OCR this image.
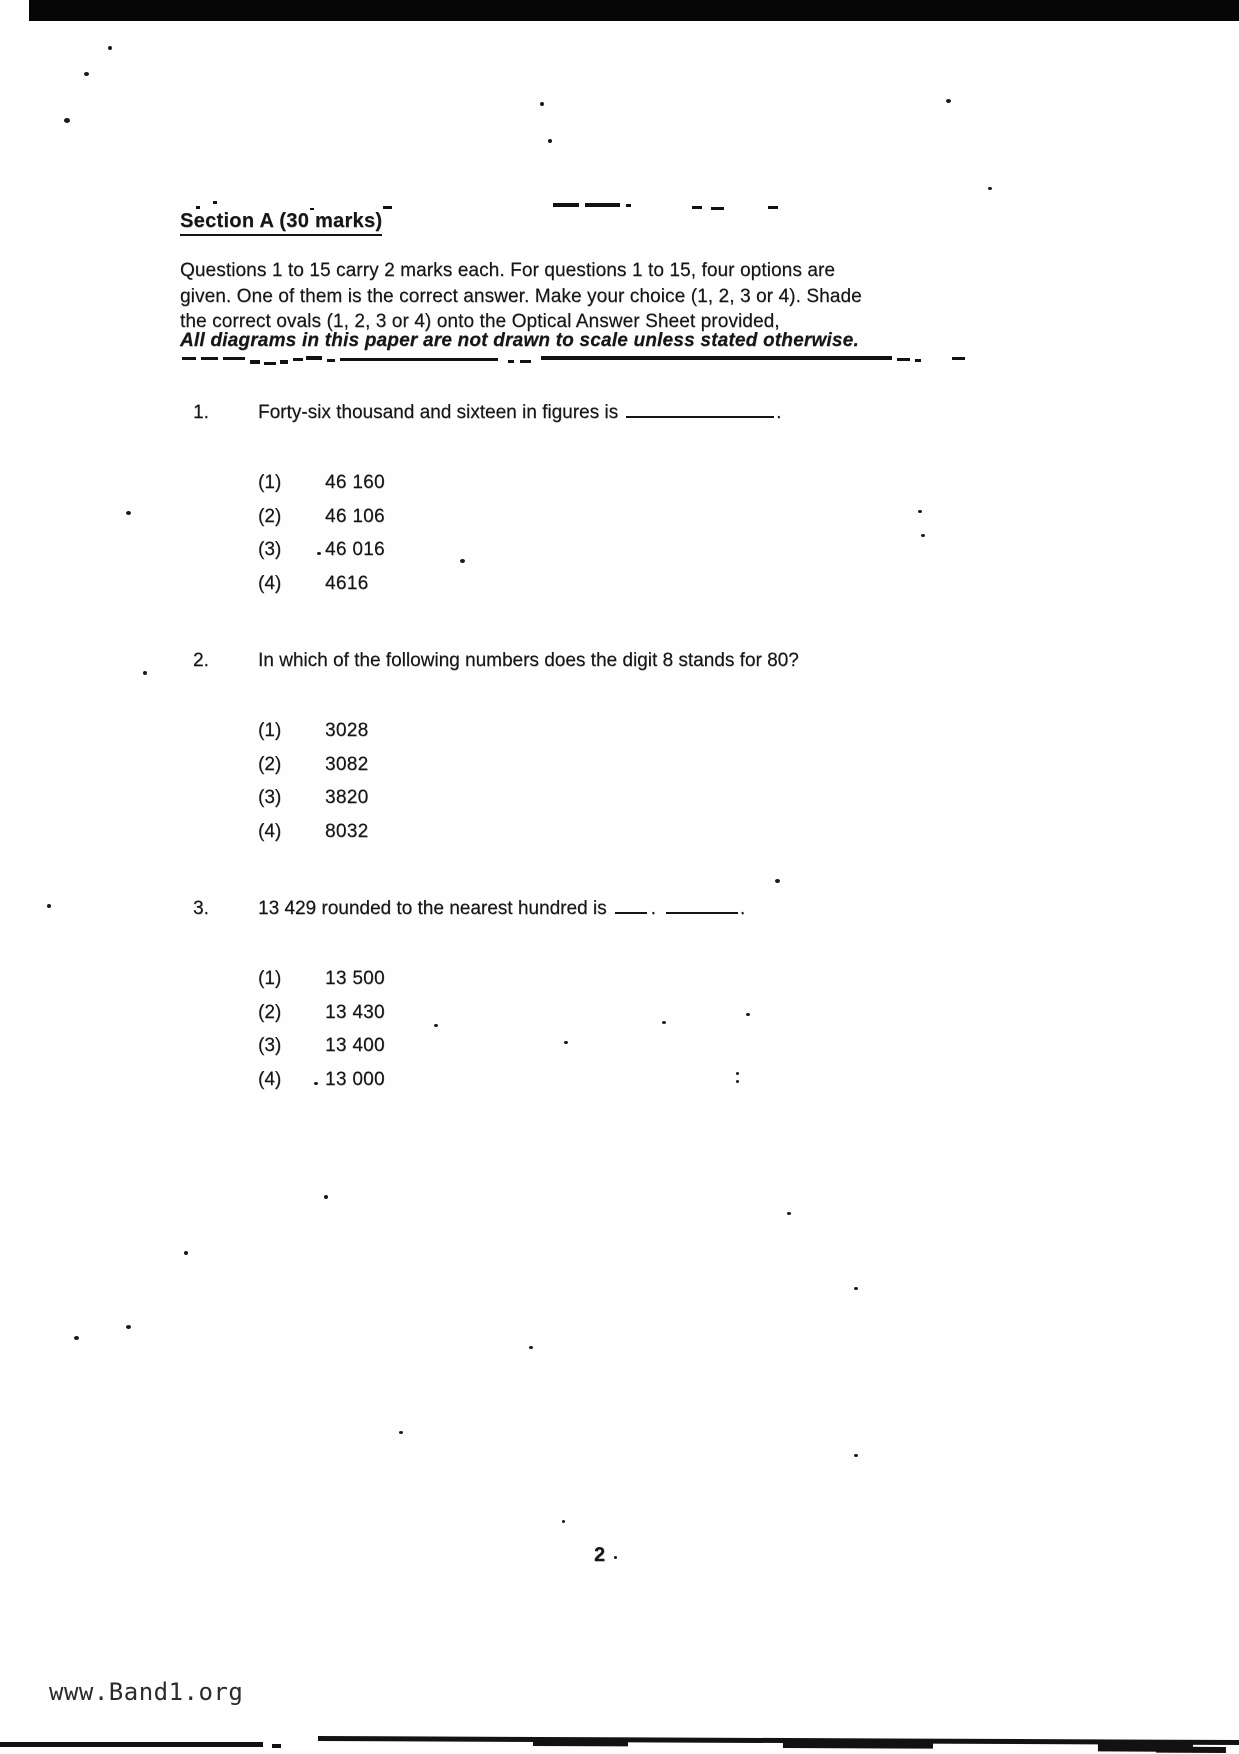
Section A (30 marks)

Questions 1 to 15 carry 2 marks each. For questions 1 to 15, four options are
given. One of them is the correct answer. Make your choice (1, 2, 3 or 4). Shade
the correct ovals (1, 2, 3 or 4) onto the Optical Answer Sheet provided,

All diagrams in this paper are not drawn to scale unless stated otherwise.
1.	Forty-six thousand and sixteen in figures is	.
(1)	46 160
(2)	46 106
(3)	46 016
(4)	4616
2.	In which of the following numbers does the digit 8 stands for 80?
(1)	3028
(2)	3082
(3)	3820
(4)	8032
3.	13 429 rounded to the nearest hundred is .	.
(1)	13 500
(2)	13 430
(3)	13 400
(4)	13 000
2
www.Band1.org
